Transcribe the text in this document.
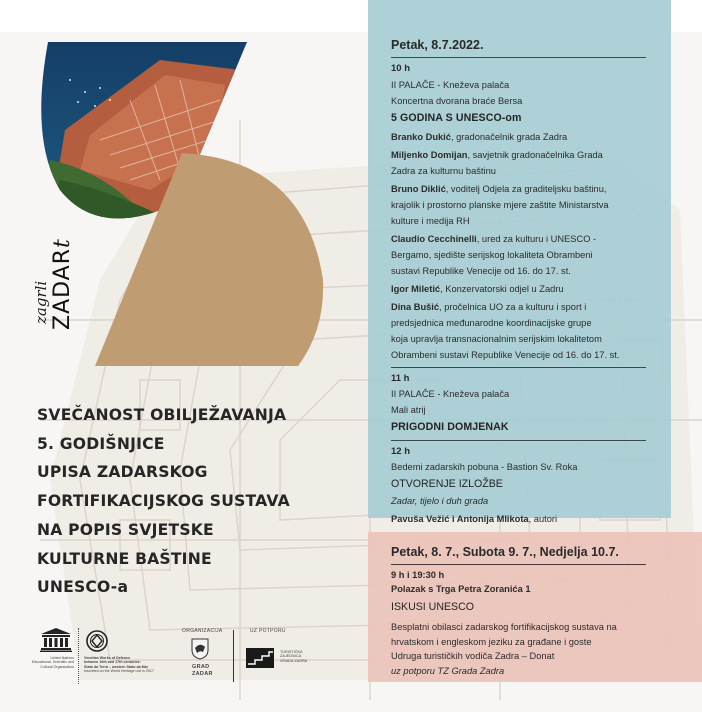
zagrli ZADARt
SVEČANOST OBILJEŽAVANJA
5. GODIŠNJICE
UPISA ZADARSKOG
FORTIFIKACIJSKOG SUSTAVA
NA POPIS SVJETSKE
KULTURNE BAŠTINE
UNESCO-a
United Nations
Educational, Scientific and
Cultural Organization
Venetian Works of Defence
between 16th and 17th centuries:
Stato da Terra – western Stato da Mar
Inscribed on the World Heritage List in 2017
ORGANIZACIJA
GRAD
ZADAR
UZ POTPORU
TURISTIČKA
ZAJEDNICA
GRADA ZADRA
Petak, 8.7.2022.
10 h
II PALAČE - Kneževa palača
Koncertna dvorana braće Bersa
5 GODINA S UNESCO-om
Branko Dukić, gradonačelnik grada Zadra
Miljenko Domijan, savjetnik gradonačelnika Grada
Zadra za kulturnu baštinu
Bruno Diklić, voditelj Odjela za graditeljsku baštinu,
krajolik i prostorno planske mjere zaštite Ministarstva
kulture i medija RH
Claudio Cecchinelli, ured za kulturu i UNESCO -
Bergamo, sjedište serijskog lokaliteta Obrambeni
sustavi Republike Venecije od 16. do 17. st.
Igor Miletić, Konzervatorski odjel u Zadru
Dina Bušić, pročelnica UO za a kulturu i sport i
predsjednica međunarodne koordinacijske grupe
koja upravlja transnacionalnim serijskim lokalitetom
Obrambeni sustavi Republike Venecije od 16. do 17. st.
11 h
II PALAČE - Kneževa palača
Mali atrij
PRIGODNI DOMJENAK
12 h
Bedemi zadarskih pobuna - Bastion Sv. Roka
OTVORENJE IZLOŽBE
Zadar, tijelo i duh grada
Pavuša Vežić i Antonija Mlikota, autori
Petak, 8. 7., Subota 9. 7., Nedjelja 10.7.
9 h i 19:30 h
Polazak s Trga Petra Zoranića 1
ISKUSI UNESCO
Besplatni obilasci zadarskog fortifikacijskog sustava na
hrvatskom i engleskom jeziku za građane i goste
Udruga turističkih vodiča Zadra – Donat
uz potporu TZ Grada Zadra
